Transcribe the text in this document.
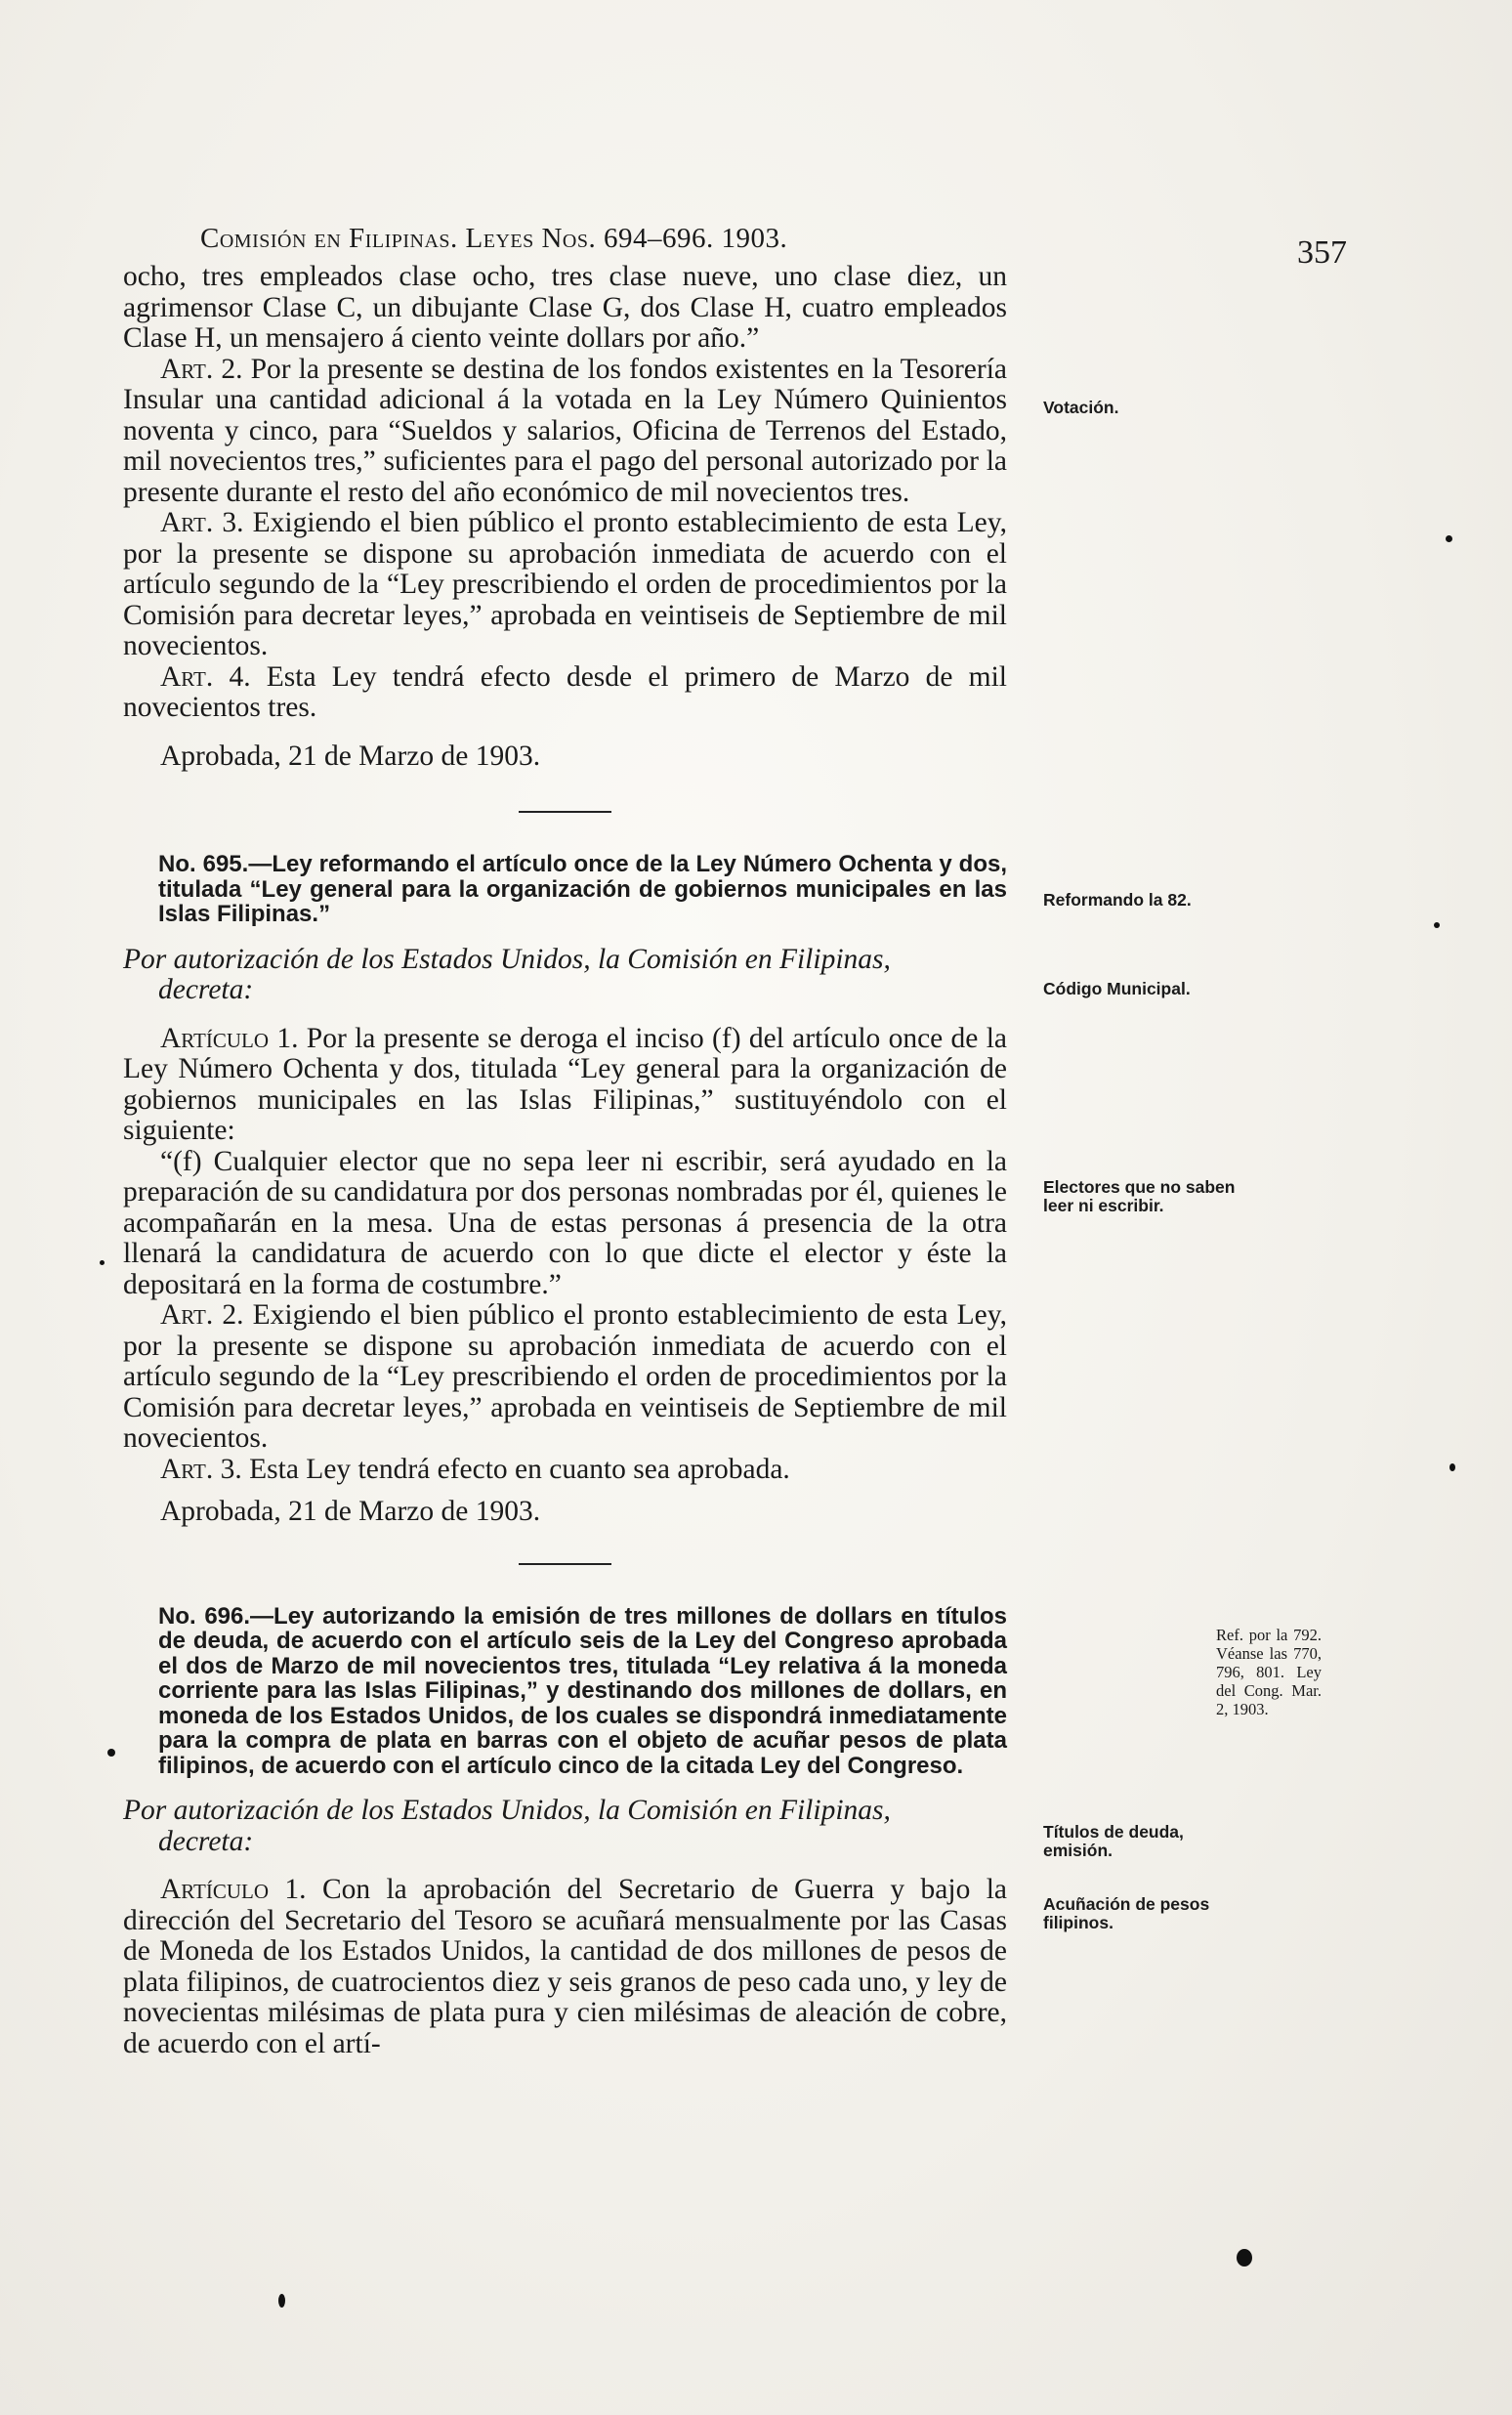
Comisión en Filipinas. Leyes Nos. 694–696. 1903.	357

ocho, tres empleados clase ocho, tres clase nueve, uno clase diez, un agrimensor Clase C, un dibujante Clase G, dos Clase H, cuatro empleados Clase H, un mensajero á ciento veinte dollars por año.”

Art. 2. Por la presente se destina de los fondos existentes en la Tesorería Insular una cantidad adicional á la votada en la Ley Número Quinientos noventa y cinco, para “Sueldos y salarios, Oficina de Terrenos del Estado, mil novecientos tres,” suficientes para el pago del personal autorizado por la presente durante el resto del año económico de mil novecientos tres.

Art. 3. Exigiendo el bien público el pronto establecimiento de esta Ley, por la presente se dispone su aprobación inmediata de acuerdo con el artículo segundo de la “Ley prescribiendo el orden de procedimientos por la Comisión para decretar leyes,” aprobada en veintiseis de Septiembre de mil novecientos.

Art. 4. Esta Ley tendrá efecto desde el primero de Marzo de mil novecientos tres.

Aprobada, 21 de Marzo de 1903.

No. 695.—Ley reformando el artículo once de la Ley Número Ochenta y dos, titulada “Ley general para la organización de gobiernos municipales en las Islas Filipinas.”

Por autorización de los Estados Unidos, la Comisión en Filipinas,
decreta:

Artículo 1. Por la presente se deroga el inciso (f) del artículo once de la Ley Número Ochenta y dos, titulada “Ley general para la organización de gobiernos municipales en las Islas Filipinas,” sustituyéndolo con el siguiente:

“(f) Cualquier elector que no sepa leer ni escribir, será ayudado en la preparación de su candidatura por dos personas nombradas por él, quienes le acompañarán en la mesa. Una de estas personas á presencia de la otra llenará la candidatura de acuerdo con lo que dicte el elector y éste la depositará en la forma de costumbre.”

Art. 2. Exigiendo el bien público el pronto establecimiento de esta Ley, por la presente se dispone su aprobación inmediata de acuerdo con el artículo segundo de la “Ley prescribiendo el orden de procedimientos por la Comisión para decretar leyes,” aprobada en veintiseis de Septiembre de mil novecientos.

Art. 3. Esta Ley tendrá efecto en cuanto sea aprobada.

Aprobada, 21 de Marzo de 1903.

No. 696.—Ley autorizando la emisión de tres millones de dollars en títulos de deuda, de acuerdo con el artículo seis de la Ley del Congreso aprobada el dos de Marzo de mil novecientos tres, titulada “Ley relativa á la moneda corriente para las Islas Filipinas,” y destinando dos millones de dollars, en moneda de los Estados Unidos, de los cuales se dispondrá inmediatamente para la compra de plata en barras con el objeto de acuñar pesos de plata filipinos, de acuerdo con el artículo cinco de la citada Ley del Congreso.

Por autorización de los Estados Unidos, la Comisión en Filipinas,
decreta:

Artículo 1. Con la aprobación del Secretario de Guerra y bajo la dirección del Secretario del Tesoro se acuñará mensualmente por las Casas de Moneda de los Estados Unidos, la cantidad de dos millones de pesos de plata filipinos, de cuatrocientos diez y seis granos de peso cada uno, y ley de novecientas milésimas de plata pura y cien milésimas de aleación de cobre, de acuerdo con el artí-

Votación.
Reformando la 82.
Código Municipal.
Electores que no saben leer ni escribir.
Ref. por la 792. Véanse las 770, 796, 801. Ley del Cong. Mar. 2, 1903.
Títulos de deuda, emisión.
Acuñación de pesos filipinos.
